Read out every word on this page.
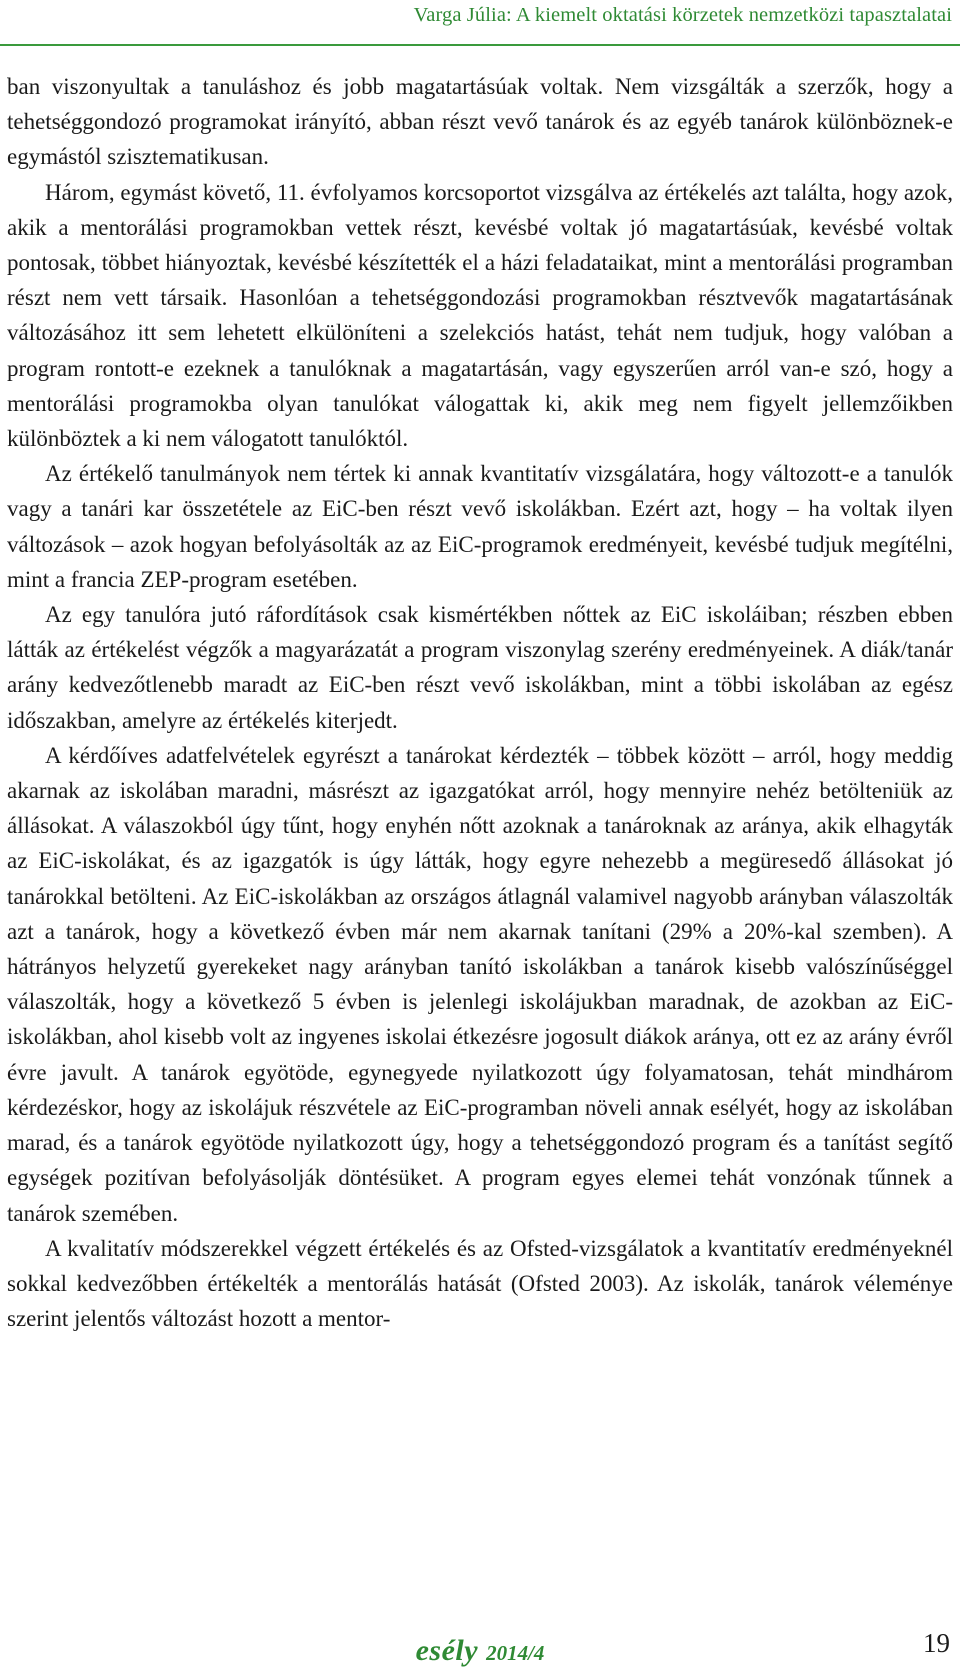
Varga Júlia: A kiemelt oktatási körzetek nemzetközi tapasztalatai

ban viszonyultak a tanuláshoz és jobb magatartásúak voltak. Nem vizsgálták a szerzők, hogy a tehetséggondozó programokat irányító, abban részt vevő tanárok és az egyéb tanárok különböznek-e egymástól szisztematikusan.

Három, egymást követő, 11. évfolyamos korcsoportot vizsgálva az értékelés azt találta, hogy azok, akik a mentorálási programokban vettek részt, kevésbé voltak jó magatartásúak, kevésbé voltak pontosak, többet hiányoztak, kevésbé készítették el a házi feladataikat, mint a mentorálási programban részt nem vett társaik. Hasonlóan a tehetséggondozási programokban résztvevők magatartásának változásához itt sem lehetett elkülöníteni a szelekciós hatást, tehát nem tudjuk, hogy valóban a program rontott-e ezeknek a tanulóknak a magatartásán, vagy egyszerűen arról van-e szó, hogy a mentorálási programokba olyan tanulókat válogattak ki, akik meg nem figyelt jellemzőikben különböztek a ki nem válogatott tanulóktól.

Az értékelő tanulmányok nem tértek ki annak kvantitatív vizsgálatára, hogy változott-e a tanulók vagy a tanári kar összetétele az EiC-ben részt vevő iskolákban. Ezért azt, hogy – ha voltak ilyen változások – azok hogyan befolyásolták az az EiC-programok eredményeit, kevésbé tudjuk megítélni, mint a francia ZEP-program esetében.

Az egy tanulóra jutó ráfordítások csak kismértékben nőttek az EiC iskoláiban; részben ebben látták az értékelést végzők a magyarázatát a program viszonylag szerény eredményeinek. A diák/tanár arány kedvezőtlenebb maradt az EiC-ben részt vevő iskolákban, mint a többi iskolában az egész időszakban, amelyre az értékelés kiterjedt.

A kérdőíves adatfelvételek egyrészt a tanárokat kérdezték – többek között – arról, hogy meddig akarnak az iskolában maradni, másrészt az igazgatókat arról, hogy mennyire nehéz betölteniük az állásokat. A válaszokból úgy tűnt, hogy enyhén nőtt azoknak a tanároknak az aránya, akik elhagyták az EiC-iskolákat, és az igazgatók is úgy látták, hogy egyre nehezebb a megüresedő állásokat jó tanárokkal betölteni. Az EiC-iskolákban az országos átlagnál valamivel nagyobb arányban válaszolták azt a tanárok, hogy a következő évben már nem akarnak tanítani (29% a 20%-kal szemben). A hátrányos helyzetű gyerekeket nagy arányban tanító iskolákban a tanárok kisebb valószínűséggel válaszolták, hogy a következő 5 évben is jelenlegi iskolájukban maradnak, de azokban az EiC-iskolákban, ahol kisebb volt az ingyenes iskolai étkezésre jogosult diákok aránya, ott ez az arány évről évre javult. A tanárok egyötöde, egynegyede nyilatkozott úgy folyamatosan, tehát mindhárom kérdezéskor, hogy az iskolájuk részvétele az EiC-programban növeli annak esélyét, hogy az iskolában marad, és a tanárok egyötöde nyilatkozott úgy, hogy a tehetséggondozó program és a tanítást segítő egységek pozitívan befolyásolják döntésüket. A program egyes elemei tehát vonzónak tűnnek a tanárok szemében.

A kvalitatív módszerekkel végzett értékelés és az Ofsted-vizsgálatok a kvantitatív eredményeknél sokkal kedvezőbben értékelték a mentorálás hatását (Ofsted 2003). Az iskolák, tanárok véleménye szerint jelentős változást hozott a mentor-

esély 2014/4	19
